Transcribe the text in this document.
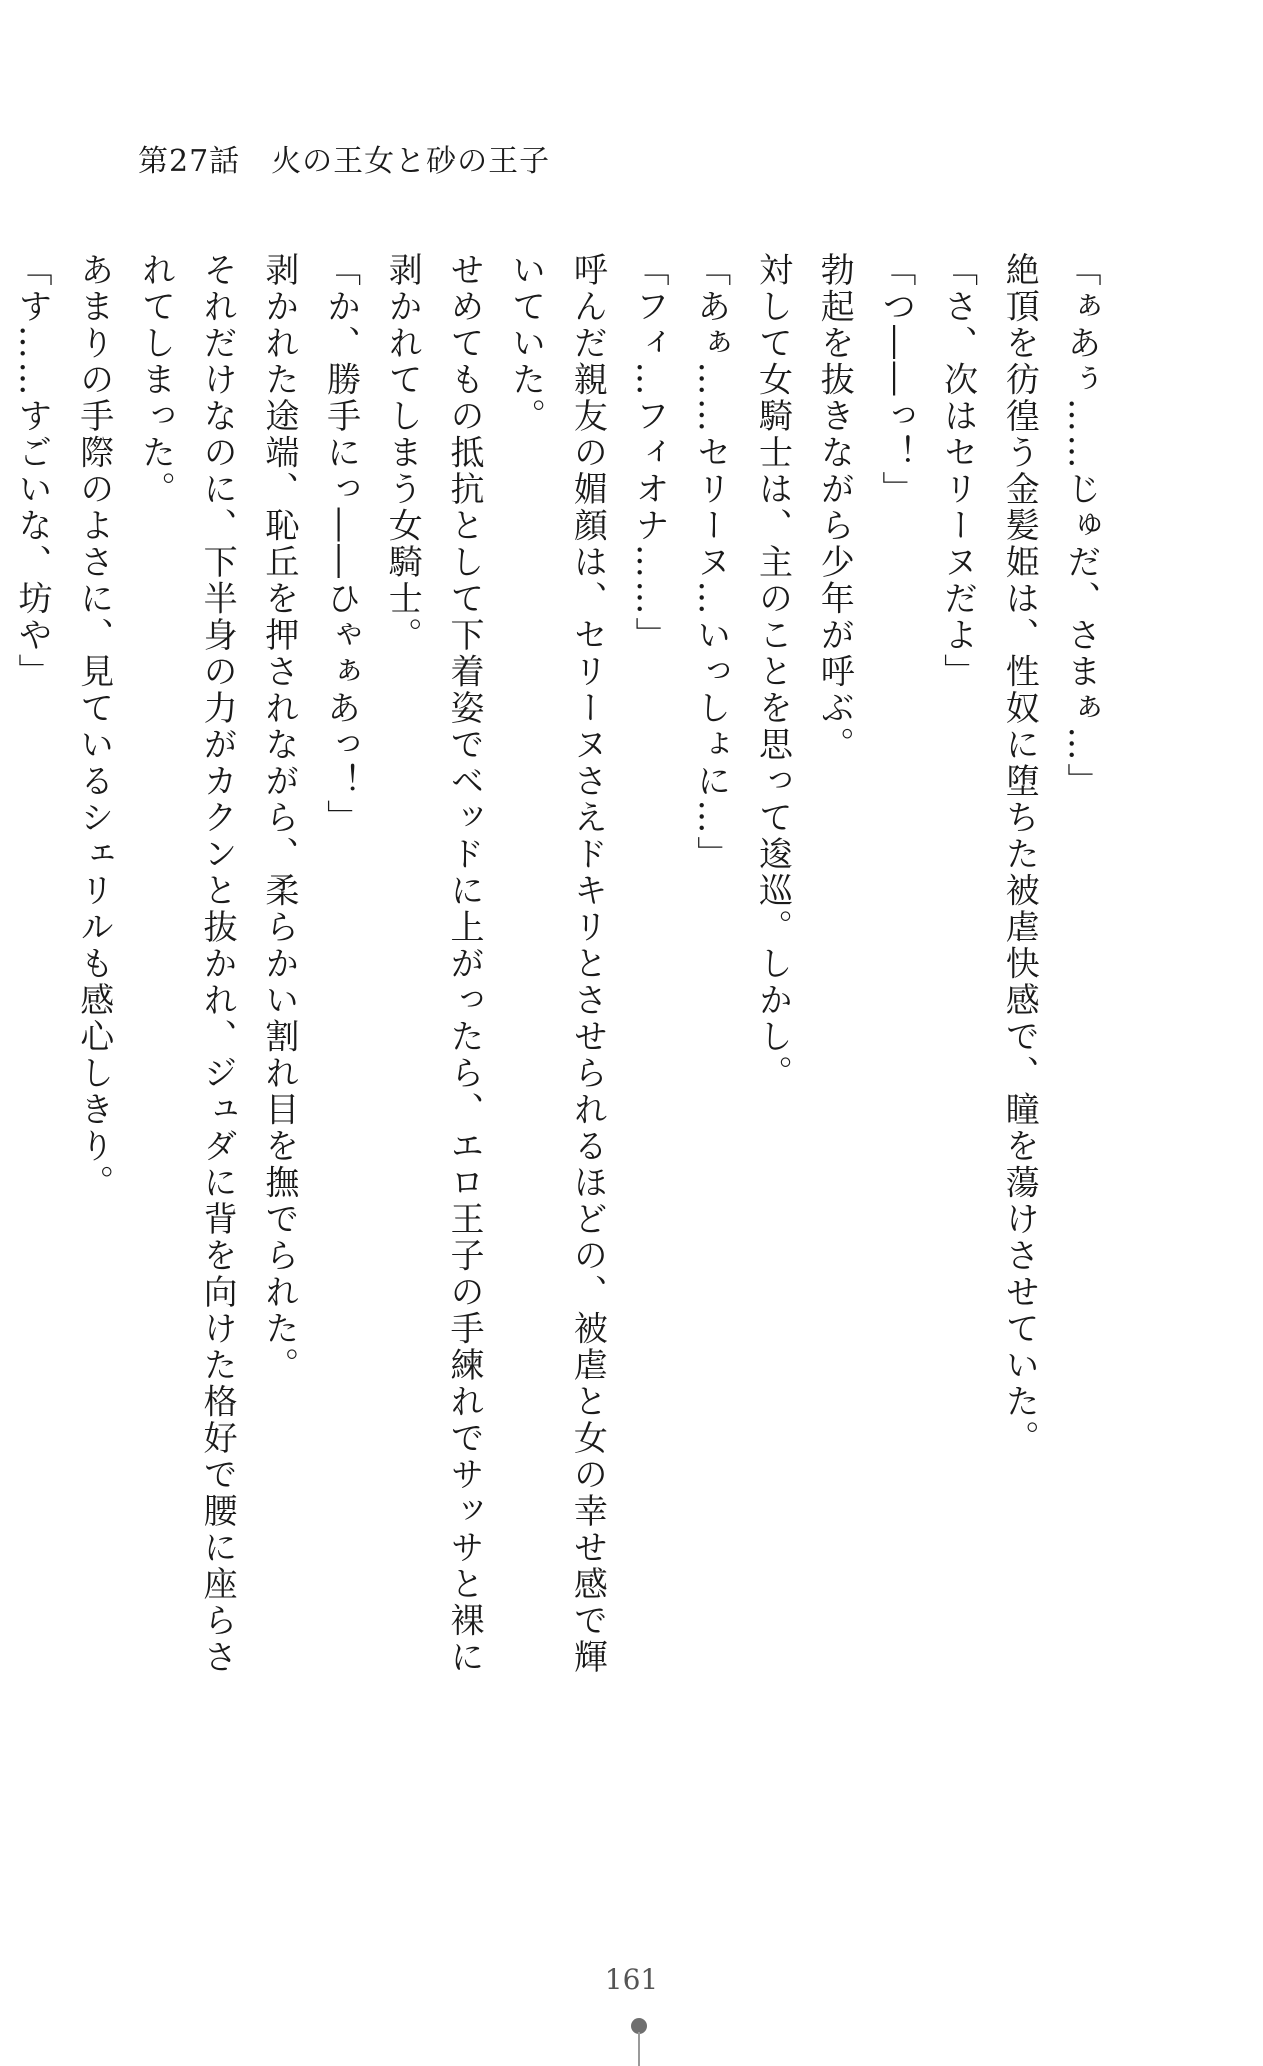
第27話　火の王女と砂の王子
「ぁあぅ……じゅだ、さまぁ…」
絶頂を彷徨う金髪姫は、性奴に堕ちた被虐快感で、瞳を蕩けさせていた。
「さ、次はセリーヌだよ」
「つ――っ！」
勃起を抜きながら少年が呼ぶ。
対して女騎士は、主のことを思って逡巡。しかし。
「あぁ……セリーヌ…いっしょに…」
「フィ…フィオナ……」
呼んだ親友の媚顔は、セリーヌさえドキリとさせられるほどの、被虐と女の幸せ感で輝
いていた。
せめてもの抵抗として下着姿でベッドに上がったら、エロ王子の手練れでサッサと裸に
剥かれてしまう女騎士。
「か、勝手にっ――ひゃぁあっ！」
剥かれた途端、恥丘を押されながら、柔らかい割れ目を撫でられた。
それだけなのに、下半身の力がカクンと抜かれ、ジュダに背を向けた格好で腰に座らさ
れてしまった。
あまりの手際のよさに、見ているシェリルも感心しきり。
「す……すごいな、坊や」
161
